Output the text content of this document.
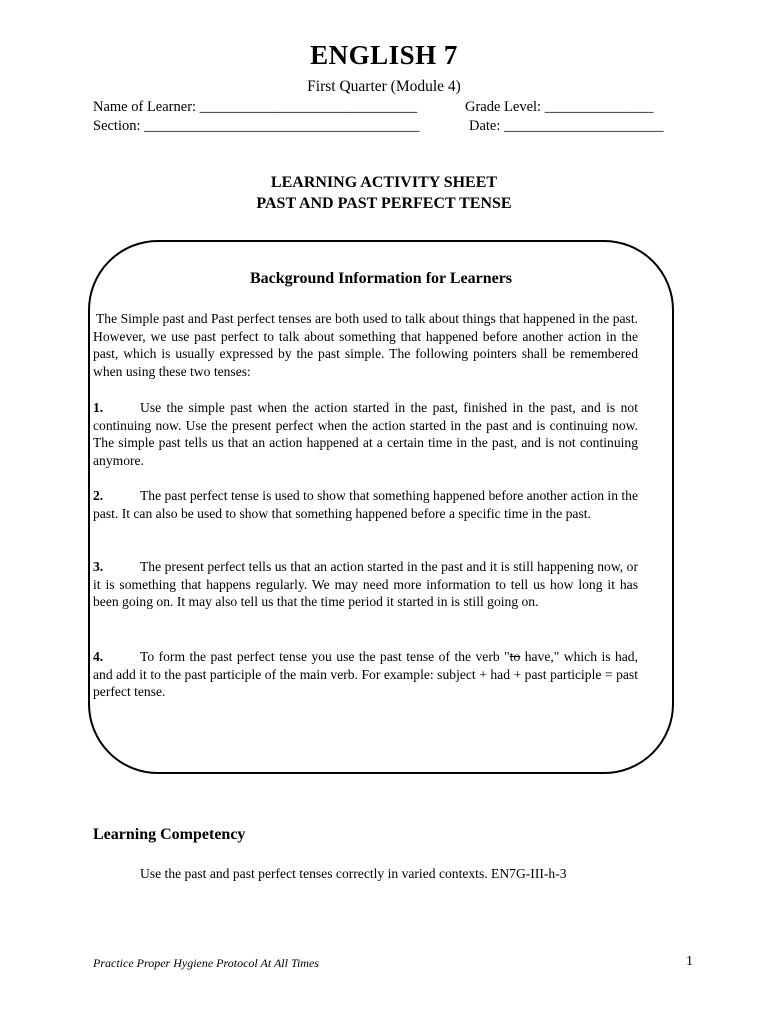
ENGLISH 7
First Quarter (Module 4)
Name of Learner: ______________________________	Grade Level: _______________
Section: ______________________________________	Date: ______________________
LEARNING ACTIVITY SHEET
PAST AND PAST PERFECT TENSE
Background Information for Learners
The Simple past and Past perfect tenses are both used to talk about things that happened in the past. However, we use past perfect to talk about something that happened before another action in the past, which is usually expressed by the past simple. The following pointers shall be remembered when using these two tenses:
1.	Use the simple past when the action started in the past, finished in the past, and is not continuing now. Use the present perfect when the action started in the past and is continuing now. The simple past tells us that an action happened at a certain time in the past, and is not continuing anymore.
2.	The past perfect tense is used to show that something happened before another action in the past. It can also be used to show that something happened before a specific time in the past.
3.	The present perfect tells us that an action started in the past and it is still happening now, or it is something that happens regularly. We may need more information to tell us how long it has been going on. It may also tell us that the time period it started in is still going on.
4.	To form the past perfect tense you use the past tense of the verb "to have," which is had, and add it to the past participle of the main verb. For example: subject + had + past participle = past perfect tense.
Learning Competency
Use the past and past perfect tenses correctly in varied contexts. EN7G-III-h-3
Practice Proper Hygiene Protocol At All Times	1
